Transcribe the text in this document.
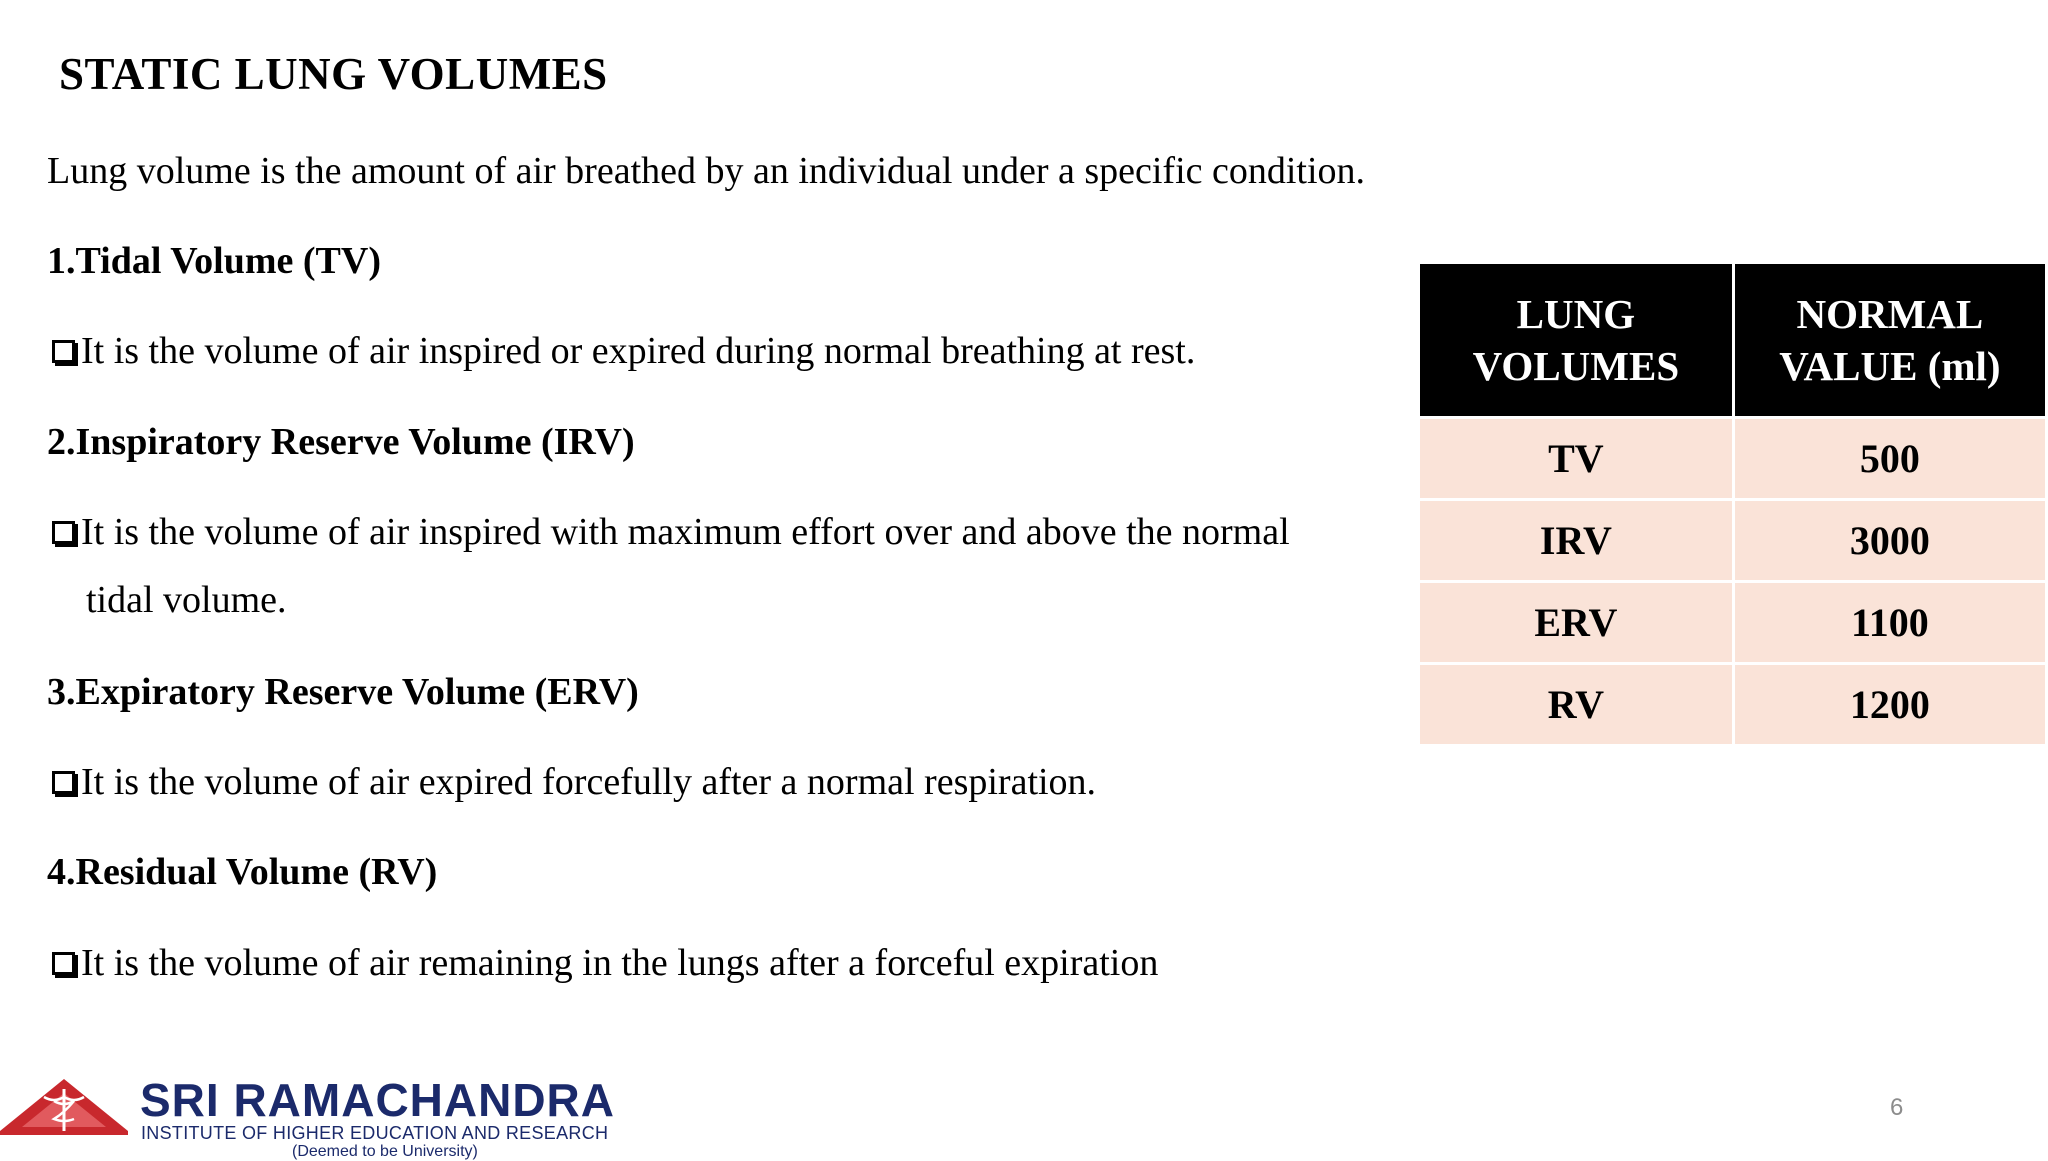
STATIC LUNG VOLUMES
Lung volume is the amount of air breathed by an individual under a specific condition.
1.Tidal Volume (TV)
It is the volume of air inspired or expired during normal breathing at rest.
2.Inspiratory Reserve Volume (IRV)
It is the volume of air inspired with maximum effort over and above the normal
tidal volume.
3.Expiratory Reserve Volume (ERV)
It is the volume of air expired forcefully after a normal respiration.
4.Residual Volume (RV)
It is the volume of air remaining in the lungs after a forceful expiration
LUNG VOLUMES	NORMAL VALUE (ml)
TV	500
IRV	3000
ERV	1100
RV	1200
SRI RAMACHANDRA
INSTITUTE OF HIGHER EDUCATION AND RESEARCH
(Deemed to be University)
6
